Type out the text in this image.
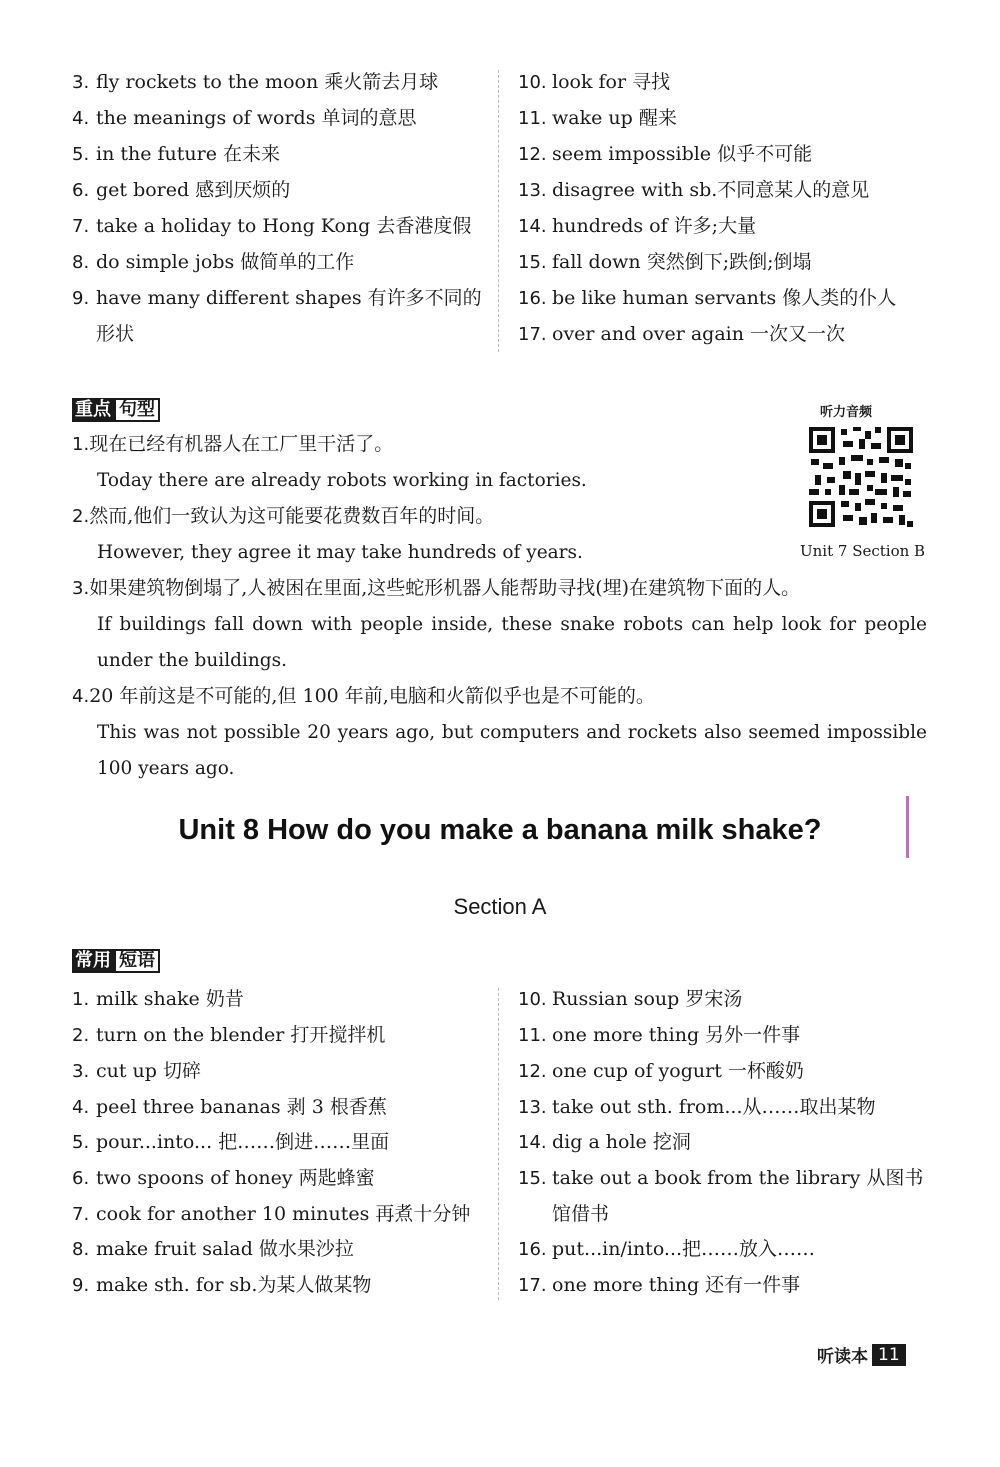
3. fly rockets to the moon 乘火箭去月球
4. the meanings of words 单词的意思
5. in the future 在未来
6. get bored 感到厌烦的
7. take a holiday to Hong Kong 去香港度假
8. do simple jobs 做简单的工作
9. have many different shapes 有许多不同的
形状
10. look for 寻找
11. wake up 醒来
12. seem impossible 似乎不可能
13. disagree with sb.不同意某人的意见
14. hundreds of 许多;大量
15. fall down 突然倒下;跌倒;倒塌
16. be like human servants 像人类的仆人
17. over and over again 一次又一次
重点 句型	听力音频
Unit 7 Section B
1.现在已经有机器人在工厂里干活了。
Today there are already robots working in factories.
2.然而,他们一致认为这可能要花费数百年的时间。
However, they agree it may take hundreds of years.
3.如果建筑物倒塌了,人被困在里面,这些蛇形机器人能帮助寻找(埋)在建筑物下面的人。
If buildings fall down with people inside, these snake robots can help look for people under the buildings.
4.20 年前这是不可能的,但 100 年前,电脑和火箭似乎也是不可能的。
This was not possible 20 years ago, but computers and rockets also seemed impossible 100 years ago.
Unit 8 How do you make a banana milk shake?
Section A
常用 短语
1. milk shake 奶昔
2. turn on the blender 打开搅拌机
3. cut up 切碎
4. peel three bananas 剥 3 根香蕉
5. pour...into... 把……倒进……里面
6. two spoons of honey 两匙蜂蜜
7. cook for another 10 minutes 再煮十分钟
8. make fruit salad 做水果沙拉
9. make sth. for sb.为某人做某物
10. Russian soup 罗宋汤
11. one more thing 另外一件事
12. one cup of yogurt 一杯酸奶
13. take out sth. from...从……取出某物
14. dig a hole 挖洞
15. take out a book from the library 从图书
馆借书
16. put...in/into...把……放入……
17. one more thing 还有一件事
听读本 11
